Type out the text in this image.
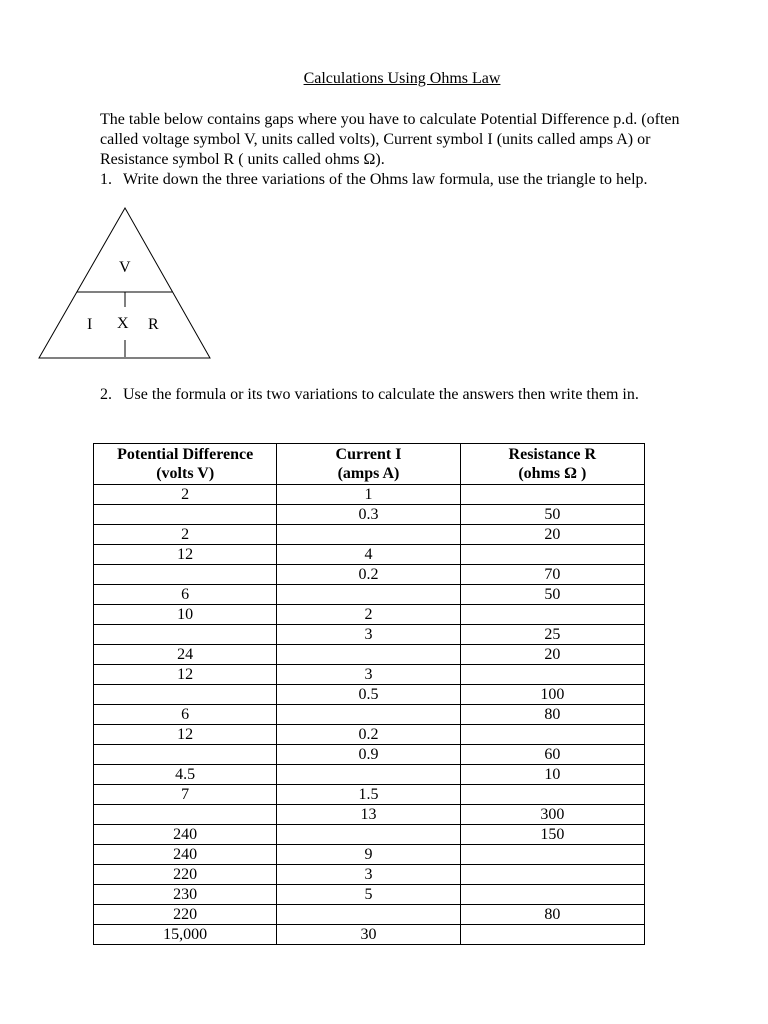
Calculations Using Ohms Law

The table below contains gaps where you have to calculate Potential Difference p.d. (often called voltage symbol V, units called volts), Current symbol I (units called amps A) or Resistance symbol R ( units called ohms Ω).

1. Write down the three variations of the Ohms law formula, use the triangle to help.
V
I X R
2. Use the formula or its two variations to calculate the answers then write them in.
Potential Difference
(volts V)	Current I
(amps A)	Resistance R
(ohms Ω )
2	1	
	0.3	50
2		20
12	4	
	0.2	70
6		50
10	2	
	3	25
24		20
12	3	
	0.5	100
6		80
12	0.2	
	0.9	60
4.5		10
7	1.5	
	13	300
240		150
240	9	
220	3	
230	5	
220		80
15,000	30	
